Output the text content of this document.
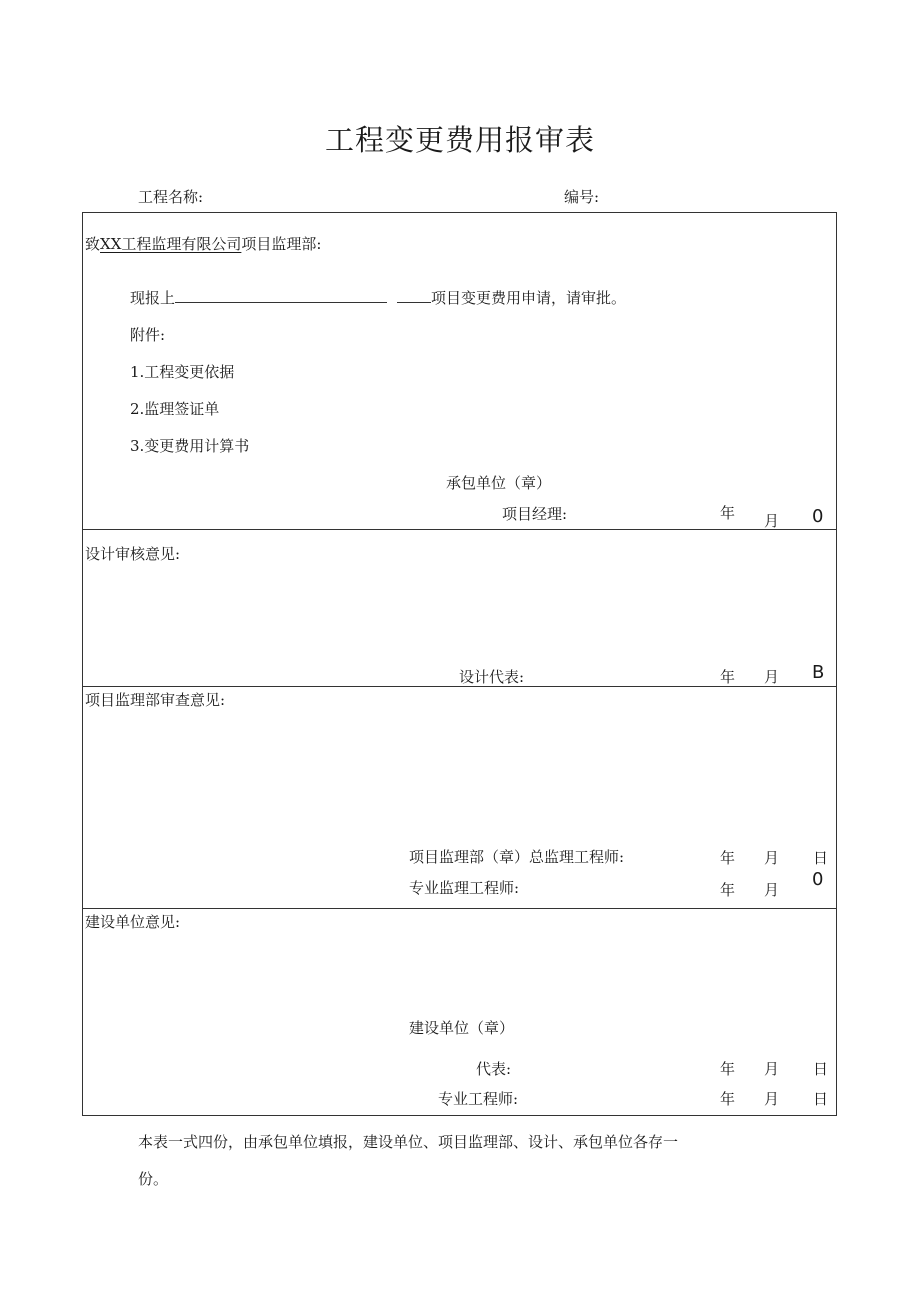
工程变更费用报审表
工程名称:	编号:
致XX工程监理有限公司项目监理部:
现报上	项目变更费用申请，请审批。
附件:
1.工程变更依据
2.监理签证单
3.变更费用计算书
承包单位（章）
项目经理:	年 月 0
设计审核意见:
设计代表:	年 月 B
项目监理部审查意见:
项目监理部（章）总监理工程师:	年 月 日
专业监理工程师:	年 月 0
建设单位意见:
建设单位（章）
代表:	年 月 日
专业工程师:	年 月 日
本表一式四份，由承包单位填报，建设单位、项目监理部、设计、承包单位各存一
份。
